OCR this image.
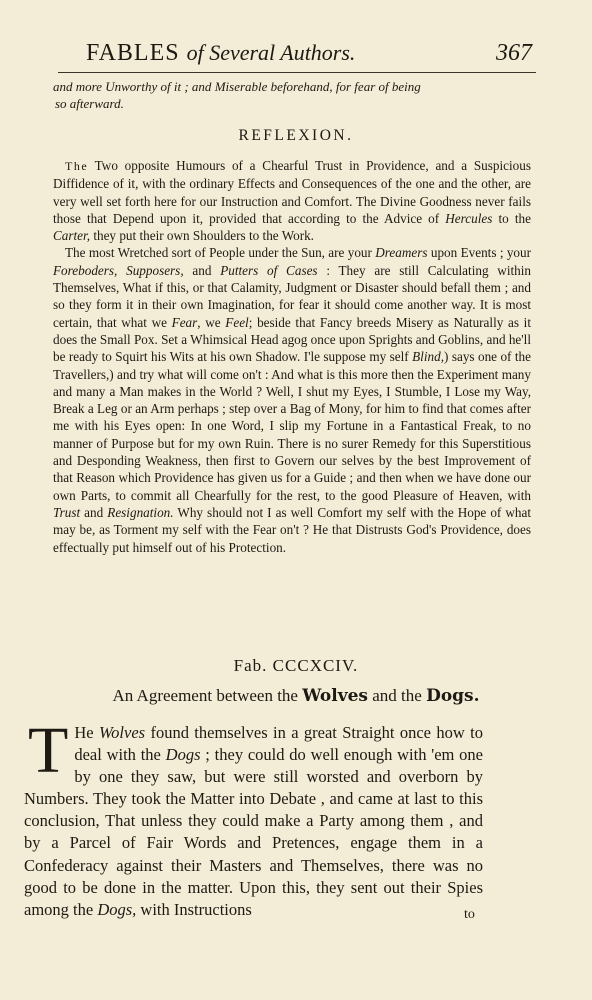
FABLES of Several Authors.	367
and more Unworthy of it ; and Miserable beforehand, for fear of being
so afterward.
REFLEXION.

The Two opposite Humours of a Chearful Trust in Providence, and a Suspicious Diffidence of it, with the ordinary Effects and Consequences of the one and the other, are very well set forth here for our Instruction and Comfort. The Divine Goodness never fails those that Depend upon it, provided that according to the Advice of Hercules to the Carter, they put their own Shoulders to the Work.

The most Wretched sort of People under the Sun, are your Dreamers upon Events ; your Foreboders, Supposers, and Putters of Cases : They are still Calculating within Themselves, What if this, or that Calamity, Judgment or Disaster should befall them ; and so they form it in their own Imagination, for fear it should come another way. It is most certain, that what we Fear, we Feel; beside that Fancy breeds Misery as Naturally as it does the Small Pox. Set a Whimsical Head agog once upon Sprights and Goblins, and he'll be ready to Squirt his Wits at his own Shadow. I'le suppose my self Blind,) says one of the Travellers,) and try what will come on't : And what is this more then the Experiment many and many a Man makes in the World ? Well, I shut my Eyes, I Stumble, I Lose my Way, Break a Leg or an Arm perhaps ; step over a Bag of Mony, for him to find that comes after me with his Eyes open: In one Word, I slip my Fortune in a Fantastical Freak, to no manner of Purpose but for my own Ruin. There is no surer Remedy for this Superstitious and Desponding Weakness, then first to Govern our selves by the best Improvement of that Reason which Providence has given us for a Guide ; and then when we have done our own Parts, to commit all Chearfully for the rest, to the good Pleasure of Heaven, with Trust and Resignation. Why should not I as well Comfort my self with the Hope of what may be, as Torment my self with the Fear on't ? He that Distrusts God's Providence, does effectually put himself out of his Protection.

Fab. CCCXCIV.
An Agreement between the Wolves and the Dogs.
T He Wolves found themselves in a great Straight once how to deal with the Dogs ; they could do well enough with 'em one by one they saw, but were still worsted and overborn by Numbers. They took the Matter into Debate , and came at last to this conclusion, That unless they could make a Party among them , and by a Parcel of Fair Words and Pretences, engage them in a Confederacy against their Masters and Themselves, there was no good to be done in the matter. Upon this, they sent out their Spies among the Dogs, with Instructions	to
